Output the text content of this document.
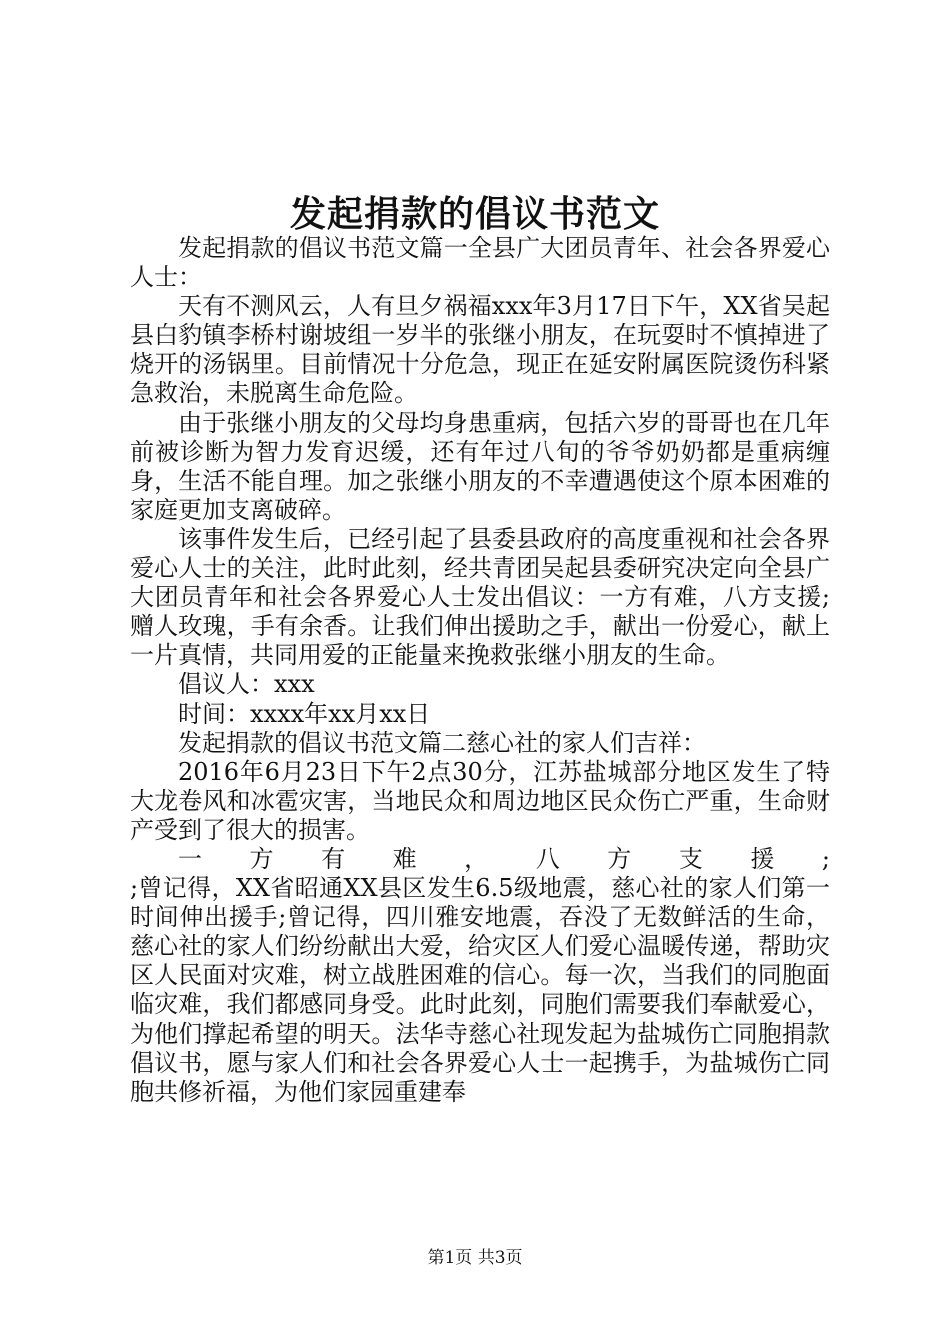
发起捐款的倡议书范文

发起捐款的倡议书范文篇一全县广大团员青年、社会各界爱心人士：

天有不测风云，人有旦夕祸福xxx年3月17日下午，XX省吴起县白豹镇李桥村谢坡组一岁半的张继小朋友，在玩耍时不慎掉进了烧开的汤锅里。目前情况十分危急，现正在延安附属医院烫伤科紧急救治，未脱离生命危险。

由于张继小朋友的父母均身患重病，包括六岁的哥哥也在几年前被诊断为智力发育迟缓，还有年过八旬的爷爷奶奶都是重病缠身，生活不能自理。加之张继小朋友的不幸遭遇使这个原本困难的家庭更加支离破碎。

该事件发生后，已经引起了县委县政府的高度重视和社会各界爱心人士的关注，此时此刻，经共青团吴起县委研究决定向全县广大团员青年和社会各界爱心人士发出倡议：一方有难，八方支援;赠人玫瑰，手有余香。让我们伸出援助之手，献出一份爱心，献上一片真情，共同用爱的正能量来挽救张继小朋友的生命。

倡议人：xxx

时间：xxxx年xx月xx日

发起捐款的倡议书范文篇二慈心社的家人们吉祥：

2016年6月23日下午2点30分，江苏盐城部分地区发生了特大龙卷风和冰雹灾害，当地民众和周边地区民众伤亡严重，生命财产受到了很大的损害。

一 方 有 难 ， 八 方 支 援 ;

;曾记得，XX省昭通XX县区发生6.5级地震，慈心社的家人们第一时间伸出援手;曾记得，四川雅安地震，吞没了无数鲜活的生命，慈心社的家人们纷纷献出大爱，给灾区人们爱心温暖传递，帮助灾区人民面对灾难，树立战胜困难的信心。每一次，当我们的同胞面临灾难，我们都感同身受。此时此刻，同胞们需要我们奉献爱心，为他们撑起希望的明天。法华寺慈心社现发起为盐城伤亡同胞捐款倡议书，愿与家人们和社会各界爱心人士一起携手，为盐城伤亡同胞共修祈福，为他们家园重建奉

第1页 共3页
